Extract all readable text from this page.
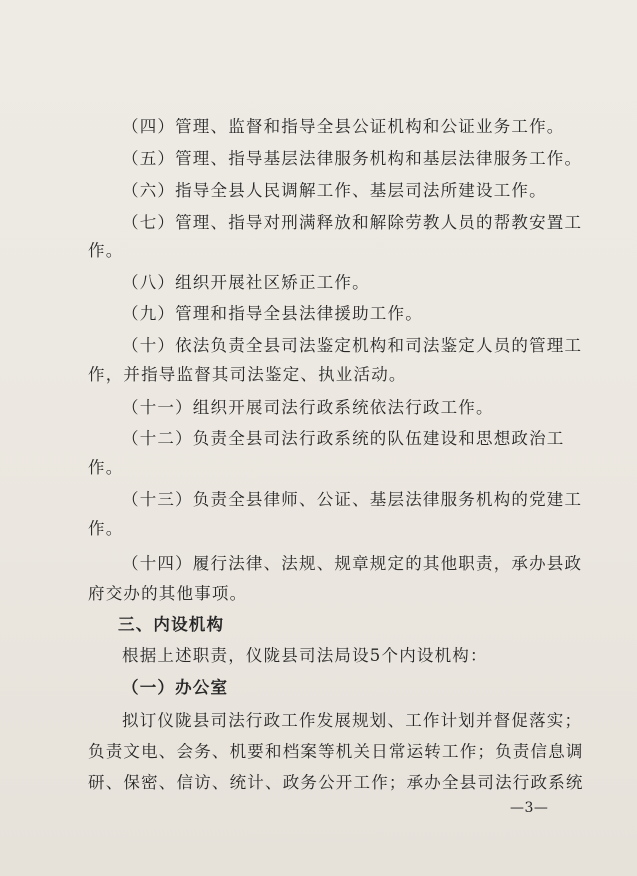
（四）管理、监督和指导全县公证机构和公证业务工作。
（五）管理、指导基层法律服务机构和基层法律服务工作。
（六）指导全县人民调解工作、基层司法所建设工作。
（七）管理、指导对刑满释放和解除劳教人员的帮教安置工
作。
（八）组织开展社区矫正工作。
（九）管理和指导全县法律援助工作。
（十）依法负责全县司法鉴定机构和司法鉴定人员的管理工
作，并指导监督其司法鉴定、执业活动。
（十一）组织开展司法行政系统依法行政工作。
（十二）负责全县司法行政系统的队伍建设和思想政治工
作。
（十三）负责全县律师、公证、基层法律服务机构的党建工
作。
（十四）履行法律、法规、规章规定的其他职责，承办县政
府交办的其他事项。
三、内设机构
根据上述职责，仪陇县司法局设5个内设机构：
（一）办公室
拟订仪陇县司法行政工作发展规划、工作计划并督促落实；
负责文电、会务、机要和档案等机关日常运转工作；负责信息调
研、保密、信访、统计、政务公开工作；承办全县司法行政系统
—3—
